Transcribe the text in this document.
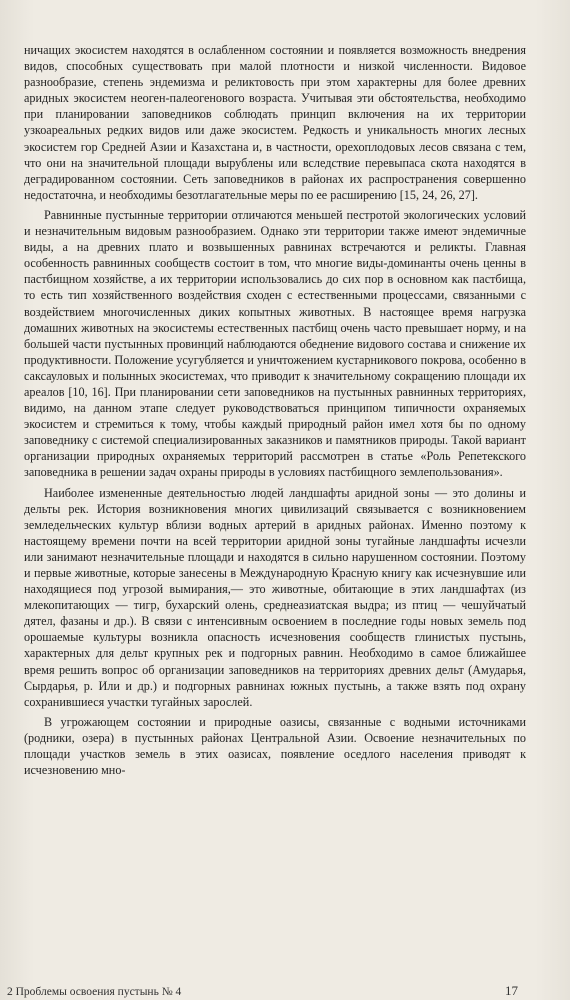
ничащих экосистем находятся в ослабленном состоянии и появляется возможность внедрения видов, способных существовать при малой плотности и низкой численности. Видовое разнообразие, степень эндемизма и реликтовость при этом характерны для более древних аридных экосистем неоген-палеогенового возраста. Учитывая эти обстоятельства, необходимо при планировании заповедников соблюдать принцип включения на их территории узкоареальных редких видов или даже экосистем. Редкость и уникальность многих лесных экосистем гор Средней Азии и Казахстана и, в частности, орехоплодовых лесов связана с тем, что они на значительной площади вырублены или вследствие перевыпаса скота находятся в деградированном состоянии. Сеть заповедников в районах их распространения совершенно недостаточна, и необходимы безотлагательные меры по ее расширению [15, 24, 26, 27].

Равнинные пустынные территории отличаются меньшей пестротой экологических условий и незначительным видовым разнообразием. Однако эти территории также имеют эндемичные виды, а на древних плато и возвышенных равнинах встречаются и реликты. Главная особенность равнинных сообществ состоит в том, что многие виды-доминанты очень ценны в пастбищном хозяйстве, а их территории использовались до сих пор в основном как пастбища, то есть тип хозяйственного воздействия сходен с естественными процессами, связанными с воздействием многочисленных диких копытных животных. В настоящее время нагрузка домашних животных на экосистемы естественных пастбищ очень часто превышает норму, и на большей части пустынных провинций наблюдаются обеднение видового состава и снижение их продуктивности. Положение усугубляется и уничтожением кустарникового покрова, особенно в саксауловых и полынных экосистемах, что приводит к значительному сокращению площади их ареалов [10, 16]. При планировании сети заповедников на пустынных равнинных территориях, видимо, на данном этапе следует руководствоваться принципом типичности охраняемых экосистем и стремиться к тому, чтобы каждый природный район имел хотя бы по одному заповеднику с системой специализированных заказников и памятников природы. Такой вариант организации природных охраняемых территорий рассмотрен в статье «Роль Репетекского заповедника в решении задач охраны природы в условиях пастбищного землепользования».

Наиболее измененные деятельностью людей ландшафты аридной зоны — это долины и дельты рек. История возникновения многих цивилизаций связывается с возникновением земледельческих культур вблизи водных артерий в аридных районах. Именно поэтому к настоящему времени почти на всей территории аридной зоны тугайные ландшафты исчезли или занимают незначительные площади и находятся в сильно нарушенном состоянии. Поэтому и первые животные, которые занесены в Международную Красную книгу как исчезнувшие или находящиеся под угрозой вымирания,— это животные, обитающие в этих ландшафтах (из млекопитающих — тигр, бухарский олень, среднеазиатская выдра; из птиц — чешуйчатый дятел, фазаны и др.). В связи с интенсивным освоением в последние годы новых земель под орошаемые культуры возникла опасность исчезновения сообществ глинистых пустынь, характерных для дельт крупных рек и подгорных равнин. Необходимо в самое ближайшее время решить вопрос об организации заповедников на территориях древних дельт (Амударья, Сырдарья, р. Или и др.) и подгорных равнинах южных пустынь, а также взять под охрану сохранившиеся участки тугайных зарослей.

В угрожающем состоянии и природные оазисы, связанные с водными источниками (родники, озера) в пустынных районах Центральной Азии. Освоение незначительных по площади участков земель в этих оазисах, появление оседлого населения приводят к исчезновению мно-

2 Проблемы освоения пустынь № 4	17
